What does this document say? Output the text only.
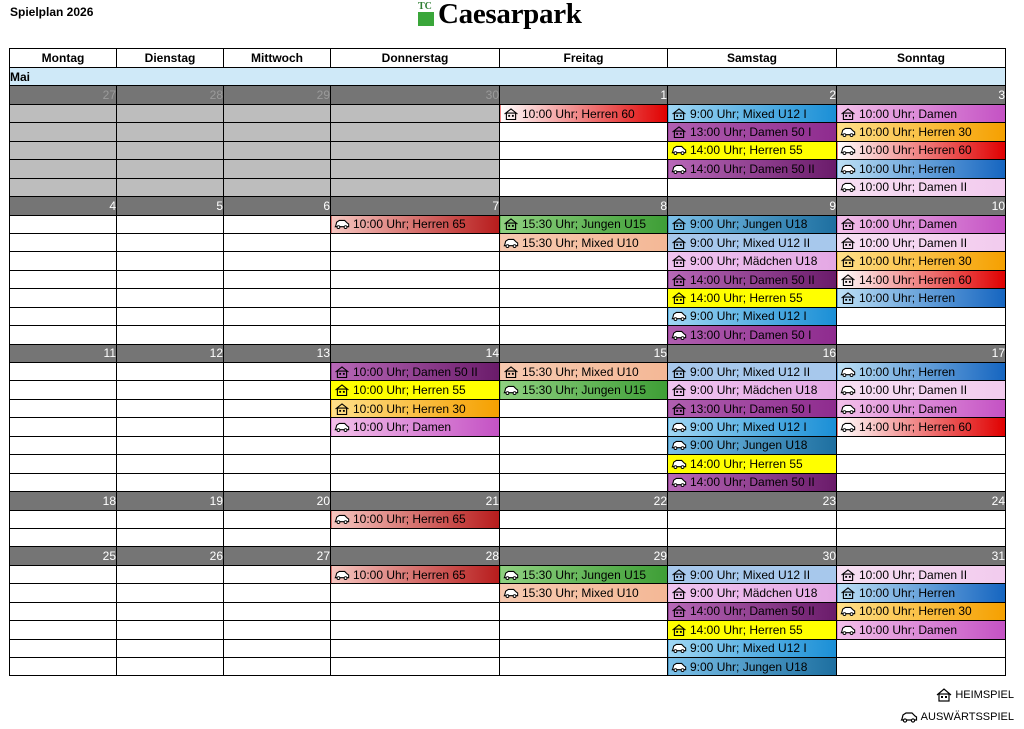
Spielplan 2026	TC Caesarpark
Montag	Dienstag	Mittwoch	Donnerstag	Freitag	Samstag	Sonntag
Mai						
27	28	29	30	1	2	3

				10:00 Uhr; Herren 60	9:00 Uhr; Mixed U12 I	10:00 Uhr; Damen

					13:00 Uhr; Damen 50 I	10:00 Uhr; Herren 30

					14:00 Uhr; Herren 55	10:00 Uhr; Herren 60

					14:00 Uhr; Damen 50 II	10:00 Uhr; Herren

						10:00 Uhr; Damen II

4	5	6	7	8	9	10

			10:00 Uhr; Herren 65	15:30 Uhr; Jungen U15	9:00 Uhr; Jungen U18	10:00 Uhr; Damen

				15:30 Uhr; Mixed U10	9:00 Uhr; Mixed U12 II	10:00 Uhr; Damen II

					9:00 Uhr; Mädchen U18	10:00 Uhr; Herren 30

					14:00 Uhr; Damen 50 II	14:00 Uhr; Herren 60

					14:00 Uhr; Herren 55	10:00 Uhr; Herren

					9:00 Uhr; Mixed U12 I	

					13:00 Uhr; Damen 50 I	

11	12	13	14	15	16	17

			10:00 Uhr; Damen 50 II	15:30 Uhr; Mixed U10	9:00 Uhr; Mixed U12 II	10:00 Uhr; Herren

			10:00 Uhr; Herren 55	15:30 Uhr; Jungen U15	9:00 Uhr; Mädchen U18	10:00 Uhr; Damen II

			10:00 Uhr; Herren 30		13:00 Uhr; Damen 50 I	10:00 Uhr; Damen

			10:00 Uhr; Damen		9:00 Uhr; Mixed U12 I	14:00 Uhr; Herren 60

					9:00 Uhr; Jungen U18	

					14:00 Uhr; Herren 55	

					14:00 Uhr; Damen 50 II	

18	19	20	21	22	23	24

			10:00 Uhr; Herren 65			

25	26	27	28	29	30	31

			10:00 Uhr; Herren 65	15:30 Uhr; Jungen U15	9:00 Uhr; Mixed U12 II	10:00 Uhr; Damen II

				15:30 Uhr; Mixed U10	9:00 Uhr; Mädchen U18	10:00 Uhr; Herren

					14:00 Uhr; Damen 50 II	10:00 Uhr; Herren 30

					14:00 Uhr; Herren 55	10:00 Uhr; Damen

					9:00 Uhr; Mixed U12 I	

					9:00 Uhr; Jungen U18	

HEIMSPIEL
AUSWÄRTSSPIEL
